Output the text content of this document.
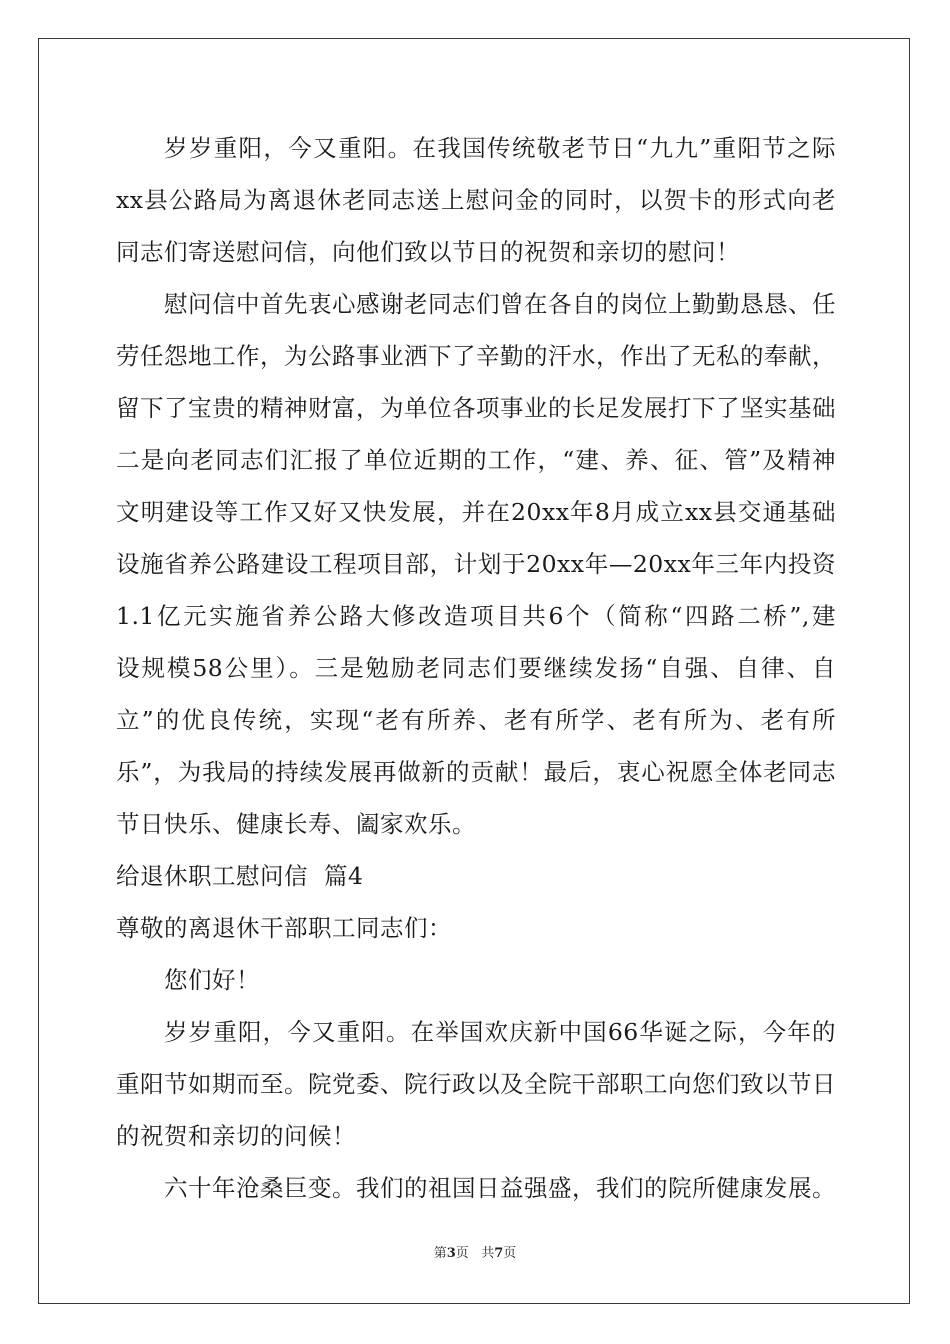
岁岁重阳，今又重阳。在我国传统敬老节日“九九”重阳节之际
xx县公路局为离退休老同志送上慰问金的同时，以贺卡的形式向老
同志们寄送慰问信，向他们致以节日的祝贺和亲切的慰问！
慰问信中首先衷心感谢老同志们曾在各自的岗位上勤勤恳恳、任
劳任怨地工作，为公路事业洒下了辛勤的汗水，作出了无私的奉献，
留下了宝贵的精神财富，为单位各项事业的长足发展打下了坚实基础
二是向老同志们汇报了单位近期的工作，“建、养、征、管”及精神
文明建设等工作又好又快发展，并在20xx年8月成立xx县交通基础
设施省养公路建设工程项目部，计划于20xx年—20xx年三年内投资
1.1亿元实施省养公路大修改造项目共6个（简称“四路二桥”,建
设规模58公里）。三是勉励老同志们要继续发扬“自强、自律、自
立”的优良传统，实现“老有所养、老有所学、老有所为、老有所
乐”，为我局的持续发展再做新的贡献！最后，衷心祝愿全体老同志
节日快乐、健康长寿、阖家欢乐。
给退休职工慰问信  篇4
尊敬的离退休干部职工同志们：
您们好！
岁岁重阳，今又重阳。在举国欢庆新中国66华诞之际，今年的
重阳节如期而至。院党委、院行政以及全院干部职工向您们致以节日
的祝贺和亲切的问候！
六十年沧桑巨变。我们的祖国日益强盛，我们的院所健康发展。
第3页 共7页
